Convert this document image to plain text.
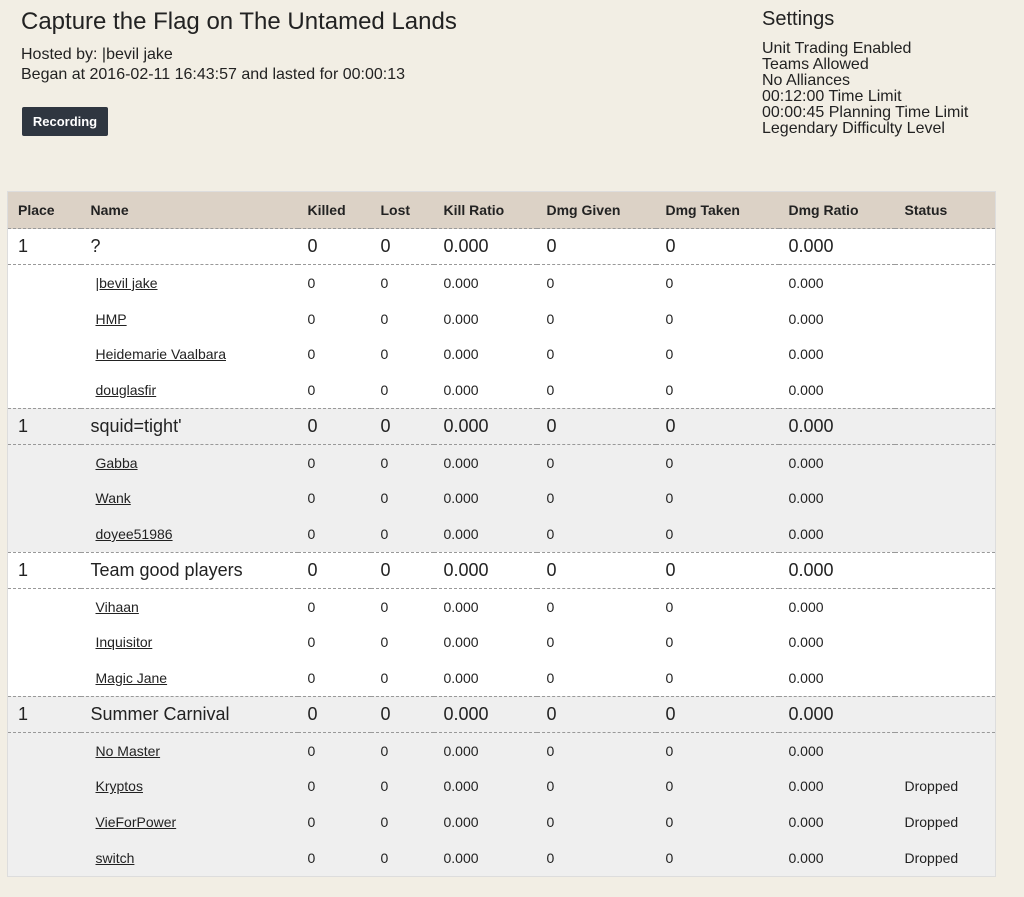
Capture the Flag on The Untamed Lands
Hosted by: |bevil jake
Began at 2016-02-11 16:43:57 and lasted for 00:00:13
Recording
Settings
Unit Trading Enabled
Teams Allowed
No Alliances
00:12:00 Time Limit
00:00:45 Planning Time Limit
Legendary Difficulty Level
Place	Name	Killed	Lost	Kill Ratio	Dmg Given	Dmg Taken	Dmg Ratio	Status
1	?	0	0	0.000	0	0	0.000	
	|bevil jake	0	0	0.000	0	0	0.000	
	HMP	0	0	0.000	0	0	0.000	
	Heidemarie Vaalbara	0	0	0.000	0	0	0.000	
	douglasfir	0	0	0.000	0	0	0.000	
1	squid=tight'	0	0	0.000	0	0	0.000	
	Gabba	0	0	0.000	0	0	0.000	
	Wank	0	0	0.000	0	0	0.000	
	doyee51986	0	0	0.000	0	0	0.000	
1	Team good players	0	0	0.000	0	0	0.000	
	Vihaan	0	0	0.000	0	0	0.000	
	Inquisitor	0	0	0.000	0	0	0.000	
	Magic Jane	0	0	0.000	0	0	0.000	
1	Summer Carnival	0	0	0.000	0	0	0.000	
	No Master	0	0	0.000	0	0	0.000	
	Kryptos	0	0	0.000	0	0	0.000	Dropped
	VieForPower	0	0	0.000	0	0	0.000	Dropped
	switch	0	0	0.000	0	0	0.000	Dropped
